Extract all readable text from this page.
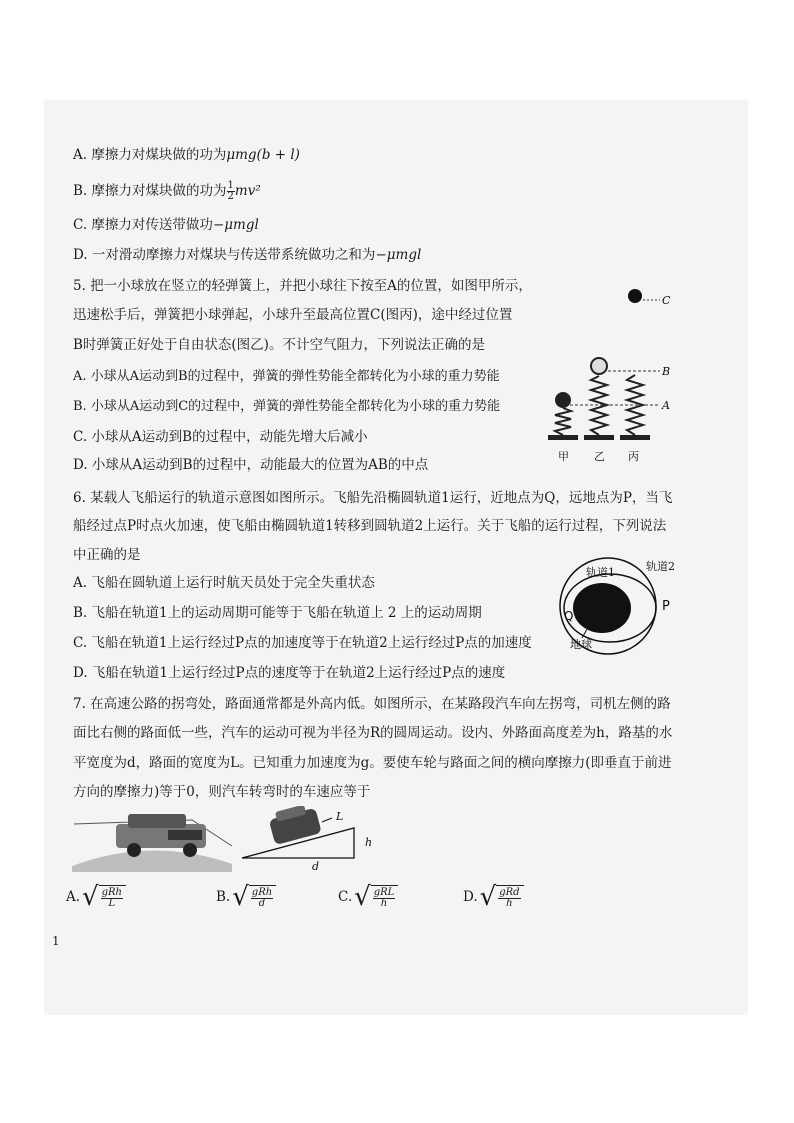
A. 摩擦力对煤块做的功为μmg(b + l)
B. 摩擦力对煤块做的功为 $\frac{1}{2} mv^2$
C. 摩擦力对传送带做功−μmgl
D. 一对滑动摩擦力对煤块与传送带系统做功之和为−μmgl
5. 把一小球放在竖立的轻弹簧上，并把小球往下按至A的位置，如图甲所示，
迅速松手后，弹簧把小球弹起，小球升至最高位置C(图丙)，途中经过位置
B时弹簧正好处于自由状态(图乙)。不计空气阻力，下列说法正确的是
A. 小球从A运动到B的过程中，弹簧的弹性势能全都转化为小球的重力势能
B. 小球从A运动到C的过程中，弹簧的弹性势能全都转化为小球的重力势能
C. 小球从A运动到B的过程中，动能先增大后减小
D. 小球从A运动到B的过程中，动能最大的位置为AB的中点
C
B
A
甲 乙 丙
6. 某载人飞船运行的轨道示意图如图所示。飞船先沿椭圆轨道1运行，近地点为Q，远地点为P，当飞
船经过点P时点火加速，使飞船由椭圆轨道1转移到圆轨道2上运行。关于飞船的运行过程，下列说法
中正确的是
A. 飞船在圆轨道上运行时航天员处于完全失重状态
B. 飞船在轨道1上的运动周期可能等于飞船在轨道上 2 上的运动周期
C. 飞船在轨道1上运行经过P点的加速度等于在轨道2上运行经过P点的加速度
D. 飞船在轨道1上运行经过P点的速度等于在轨道2上运行经过P点的速度
轨道1	轨道2
Q
P
地球
7. 在高速公路的拐弯处，路面通常都是外高内低。如图所示，在某路段汽车向左拐弯，司机左侧的路
面比右侧的路面低一些，汽车的运动可视为半径为R的圆周运动。设内、外路面高度差为h，路基的水
平宽度为d，路面的宽度为L。已知重力加速度为g。要使车轮与路面之间的横向摩擦力(即垂直于前进
方向的摩擦力)等于0，则汽车转弯时的车速应等于
L
h
d
A. √ $\frac{\text{gRh}}{L}$	B. √ $\frac{\text{gRh}}{d}$	C. √ $\frac{\text{gRL}}{h}$	D. √ $\frac{\text{gRd}}{h}$
1
